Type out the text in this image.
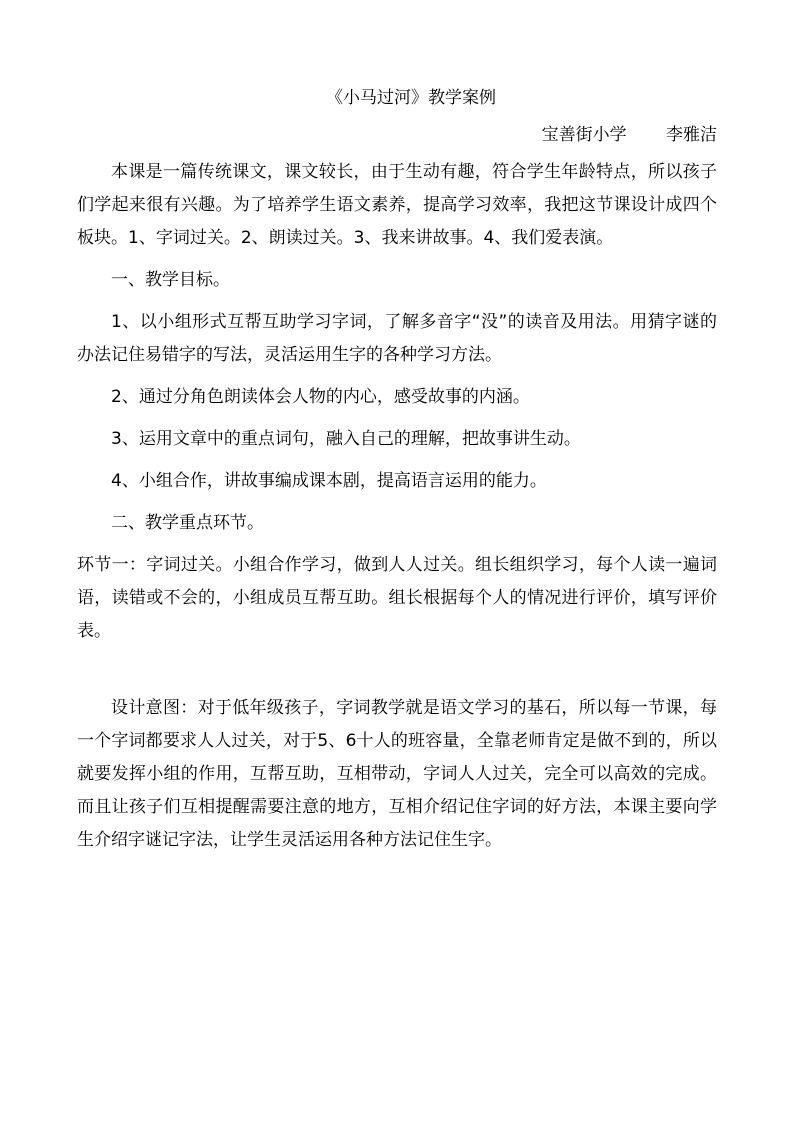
《小马过河》教学案例

宝善街小学　　 李雅洁

本课是一篇传统课文，课文较长，由于生动有趣，符合学生年龄特点，所以孩子们学起来很有兴趣。为了培养学生语文素养，提高学习效率，我把这节课设计成四个板块。1、字词过关。2、朗读过关。3、我来讲故事。4、我们爱表演。

一、教学目标。

1、以小组形式互帮互助学习字词，了解多音字“没”的读音及用法。用猜字谜的办法记住易错字的写法，灵活运用生字的各种学习方法。

2、通过分角色朗读体会人物的内心，感受故事的内涵。

3、运用文章中的重点词句，融入自己的理解，把故事讲生动。

4、小组合作，讲故事编成课本剧，提高语言运用的能力。

二、教学重点环节。

环节一：字词过关。小组合作学习，做到人人过关。组长组织学习，每个人读一遍词语，读错或不会的，小组成员互帮互助。组长根据每个人的情况进行评价，填写评价表。

设计意图：对于低年级孩子，字词教学就是语文学习的基石，所以每一节课，每一个字词都要求人人过关，对于5、6十人的班容量，全靠老师肯定是做不到的，所以就要发挥小组的作用，互帮互助，互相带动，字词人人过关，完全可以高效的完成。而且让孩子们互相提醒需要注意的地方，互相介绍记住字词的好方法，本课主要向学生介绍字谜记字法，让学生灵活运用各种方法记住生字。
